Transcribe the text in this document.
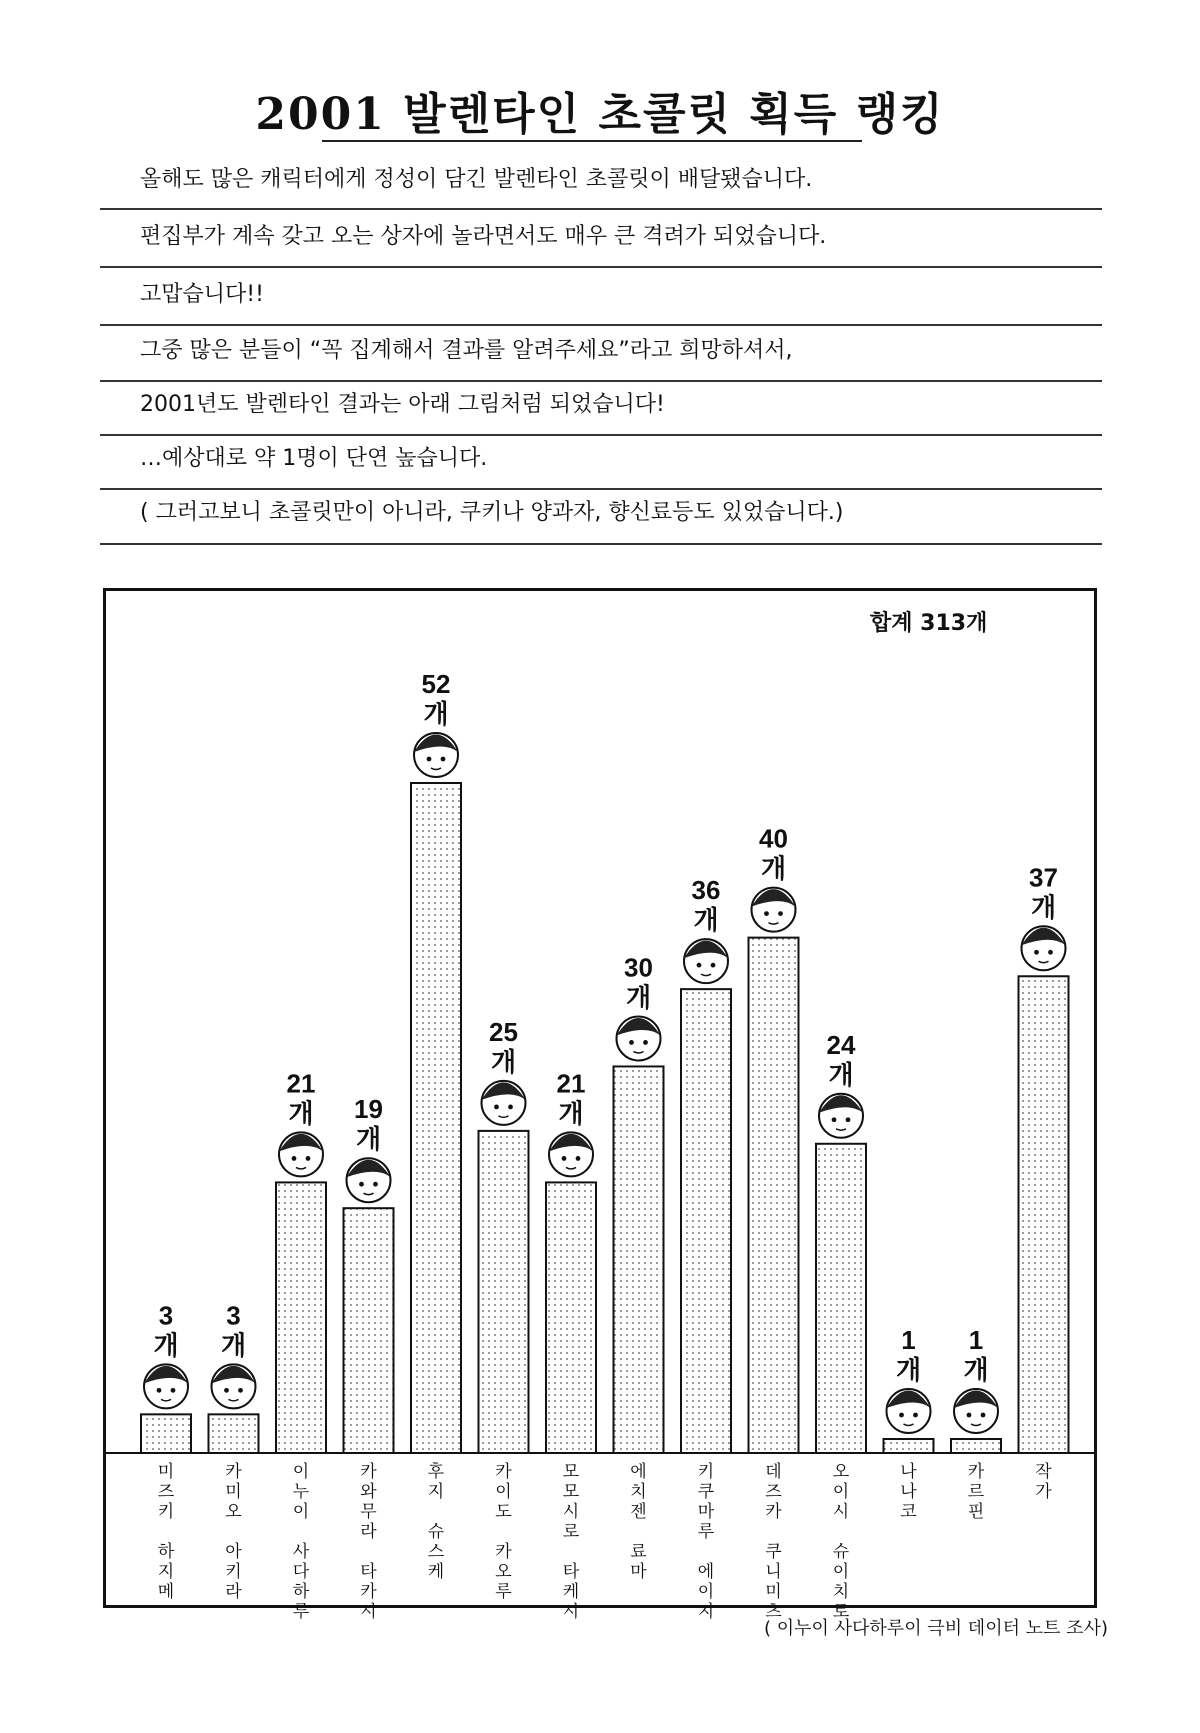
2001 발렌타인 초콜릿 획득 랭킹
올해도 많은 캐릭터에게 정성이 담긴 발렌타인 초콜릿이 배달됐습니다.
편집부가 계속 갖고 오는 상자에 놀라면서도 매우 큰 격려가 되었습니다.
고맙습니다!!
그중 많은 분들이 “꼭 집계해서 결과를 알려주세요”라고 희망하셔서,
2001년도 발렌타인 결과는 아래 그림처럼 되었습니다!
…예상대로 약 1명이 단연 높습니다.
( 그러고보니 초콜릿만이 아니라, 쿠키나 양과자, 향신료등도 있었습니다.)
3
개
미 즈 키 하 지 메
3
개
카 미 오 아 키 라
21
개
이 누 이 사 다 하 루
19
개
카 와 무 라 타 카 시
52
개
후 지 슈 스 케
25
개
카 이 도 카 오 루
21
개
모 모 시 로 타 케 시
30
개
에 치 젠 료 마
36
개
키 쿠 마 루 에 이 지
40
개
데 즈 카 쿠 니 미 츠
24
개
오 이 시 슈 이 치 로
1
개
나 나 코
1
개
카 르 핀
37
개
작 가
합계 313개
( 이누이 사다하루이 극비 데이터 노트 조사)
